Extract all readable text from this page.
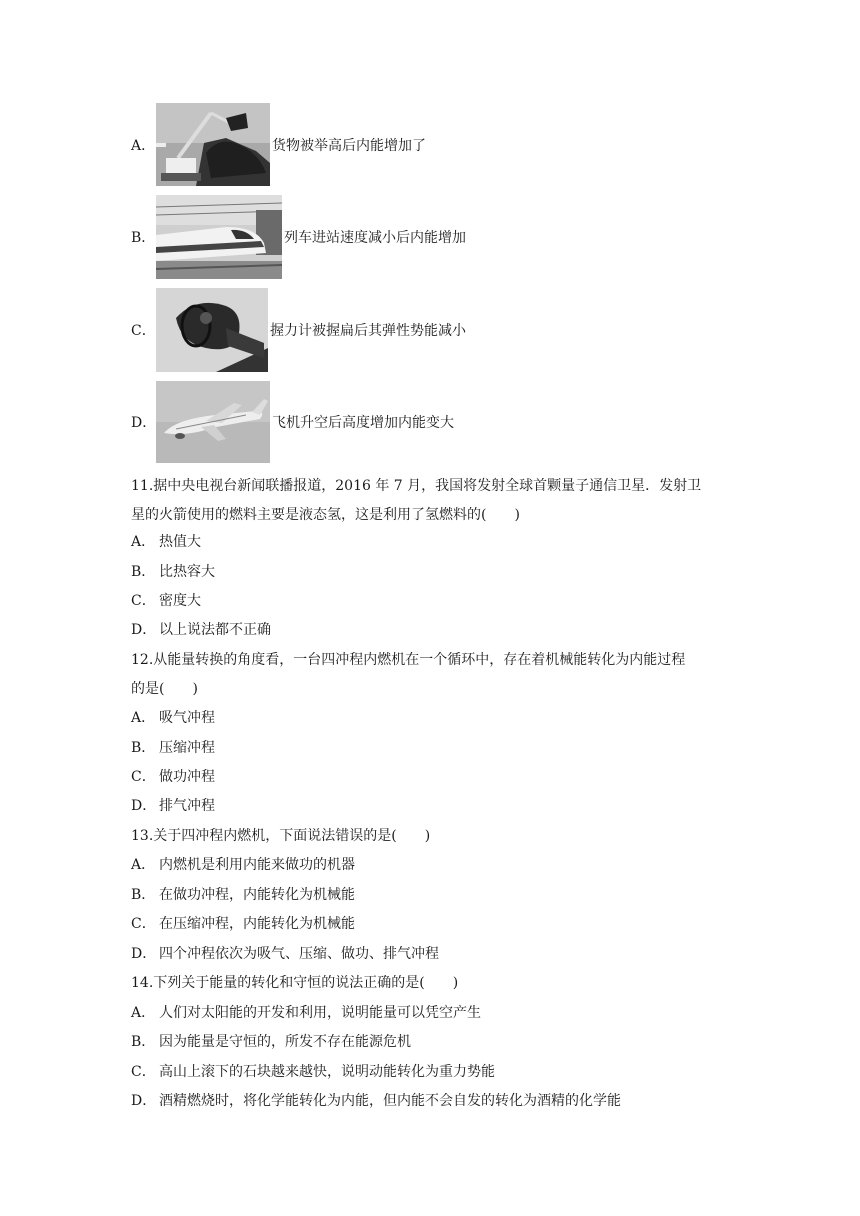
A．	货物被举高后内能增加了
B．	列车进站速度减小后内能增加
C．	握力计被握扁后其弹性势能减小
D．	飞机升空后高度增加内能变大
11.据中央电视台新闻联播报道，2016 年 7 月，我国将发射全球首颗量子通信卫星．发射卫
星的火箭使用的燃料主要是液态氢，这是利用了氢燃料的(　　)
A． 热值大
B． 比热容大
C． 密度大
D． 以上说法都不正确
12.从能量转换的角度看，一台四冲程内燃机在一个循环中，存在着机械能转化为内能过程
的是(　　)
A． 吸气冲程
B． 压缩冲程
C． 做功冲程
D． 排气冲程
13.关于四冲程内燃机，下面说法错误的是(　　)
A． 内燃机是利用内能来做功的机器
B． 在做功冲程，内能转化为机械能
C． 在压缩冲程，内能转化为机械能
D． 四个冲程依次为吸气、压缩、做功、排气冲程
14.下列关于能量的转化和守恒的说法正确的是(　　)
A． 人们对太阳能的开发和利用，说明能量可以凭空产生
B． 因为能量是守恒的，所发不存在能源危机
C． 高山上滚下的石块越来越快，说明动能转化为重力势能
D． 酒精燃烧时，将化学能转化为内能，但内能不会自发的转化为酒精的化学能
